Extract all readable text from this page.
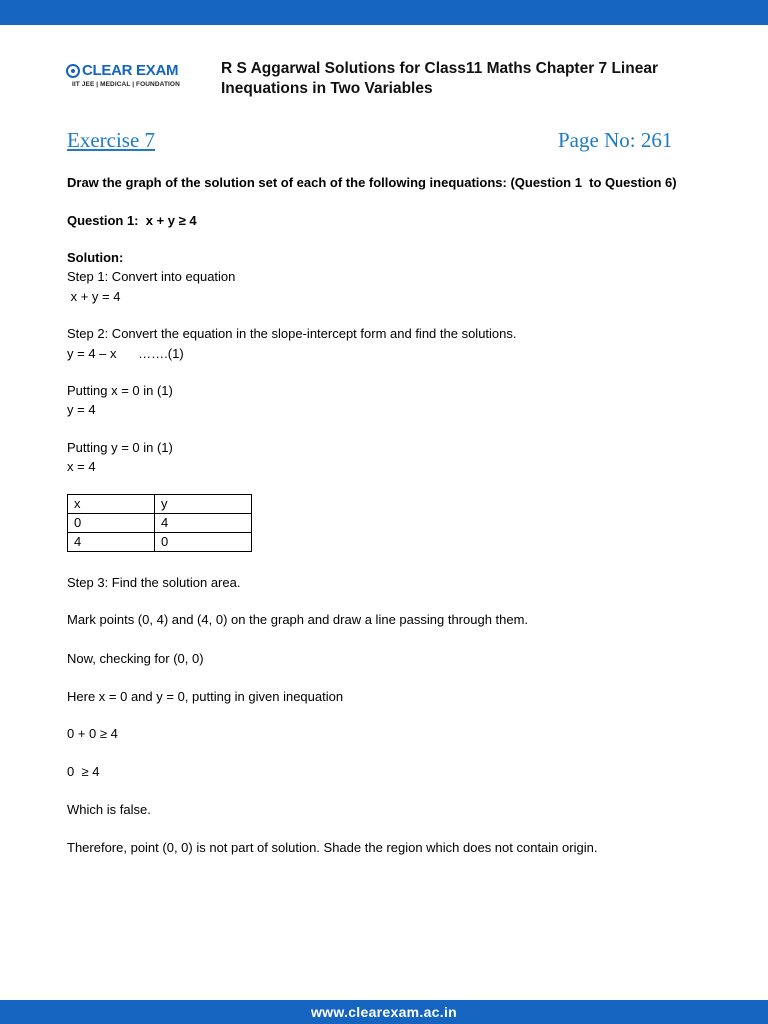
CLEAR EXAM
IIT JEE | MEDICAL | FOUNDATION
R S Aggarwal Solutions for Class11 Maths Chapter 7 Linear
Inequations in Two Variables
Exercise 7	Page No: 261
Draw the graph of the solution set of each of the following inequations: (Question 1  to Question 6)
Question 1:  x + y ≥ 4
Solution:
Step 1: Convert into equation
x + y = 4
Step 2: Convert the equation in the slope-intercept form and find the solutions.
y = 4 – x      …….(1)
Putting x = 0 in (1)
y = 4
Putting y = 0 in (1)
x = 4
x	y
0	4
4	0
Step 3: Find the solution area.
Mark points (0, 4) and (4, 0) on the graph and draw a line passing through them.
Now, checking for (0, 0)
Here x = 0 and y = 0, putting in given inequation
0 + 0 ≥ 4
0  ≥ 4
Which is false.
Therefore, point (0, 0) is not part of solution. Shade the region which does not contain origin.
www.clearexam.ac.in
